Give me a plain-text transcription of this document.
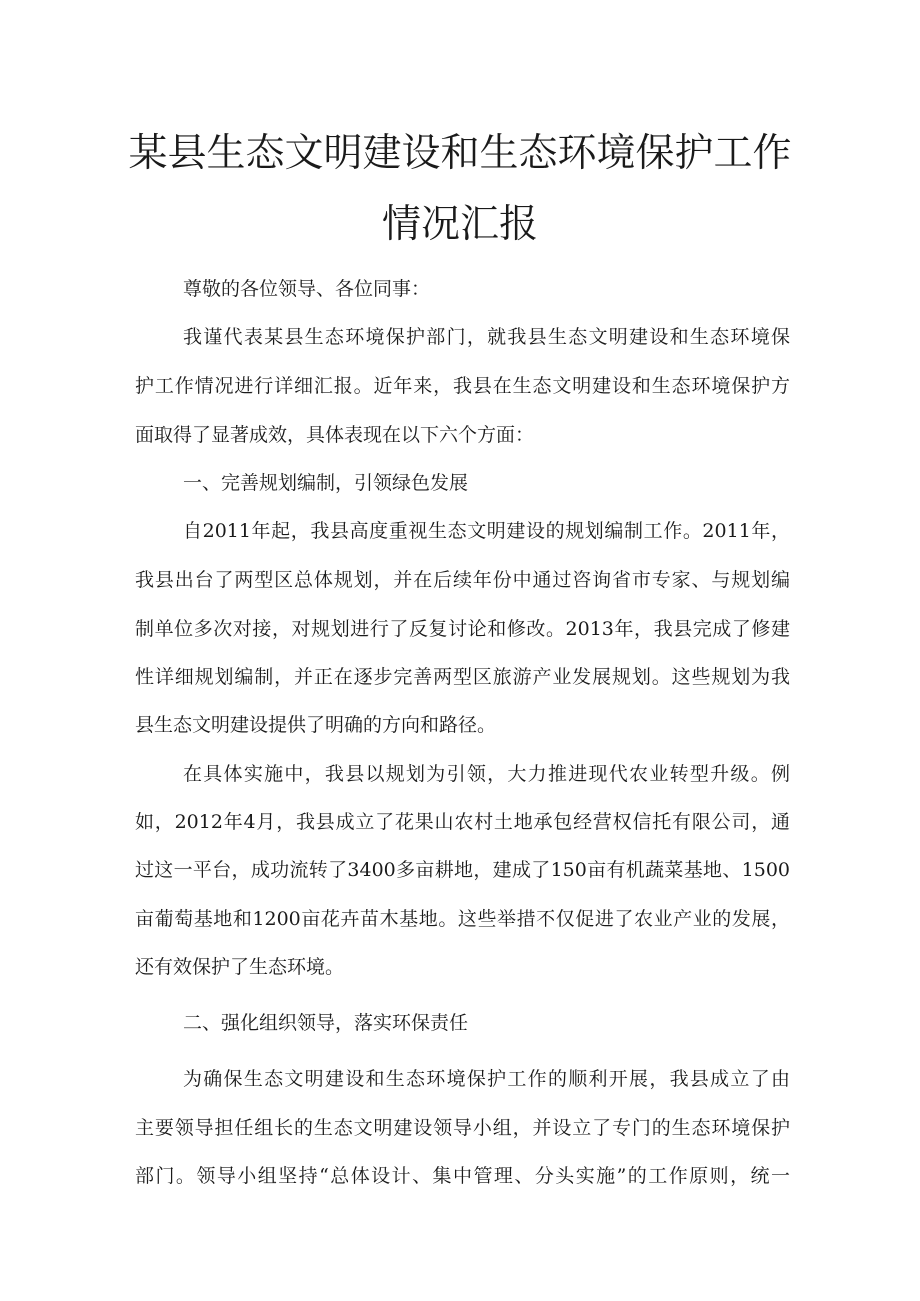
某县生态文明建设和生态环境保护工作
情况汇报
尊敬的各位领导、各位同事：
我谨代表某县生态环境保护部门，就我县生态文明建设和生态环境保
护工作情况进行详细汇报。近年来，我县在生态文明建设和生态环境保护方
面取得了显著成效，具体表现在以下六个方面：
一、完善规划编制，引领绿色发展
自2011年起，我县高度重视生态文明建设的规划编制工作。2011年，
我县出台了两型区总体规划，并在后续年份中通过咨询省市专家、与规划编
制单位多次对接，对规划进行了反复讨论和修改。2013年，我县完成了修建
性详细规划编制，并正在逐步完善两型区旅游产业发展规划。这些规划为我
县生态文明建设提供了明确的方向和路径。
在具体实施中，我县以规划为引领，大力推进现代农业转型升级。例
如，2012年4月，我县成立了花果山农村土地承包经营权信托有限公司，通
过这一平台，成功流转了3400多亩耕地，建成了150亩有机蔬菜基地、1500
亩葡萄基地和1200亩花卉苗木基地。这些举措不仅促进了农业产业的发展，
还有效保护了生态环境。
二、强化组织领导，落实环保责任
为确保生态文明建设和生态环境保护工作的顺利开展，我县成立了由
主要领导担任组长的生态文明建设领导小组，并设立了专门的生态环境保护
部门。领导小组坚持“总体设计、集中管理、分头实施”的工作原则，统一
